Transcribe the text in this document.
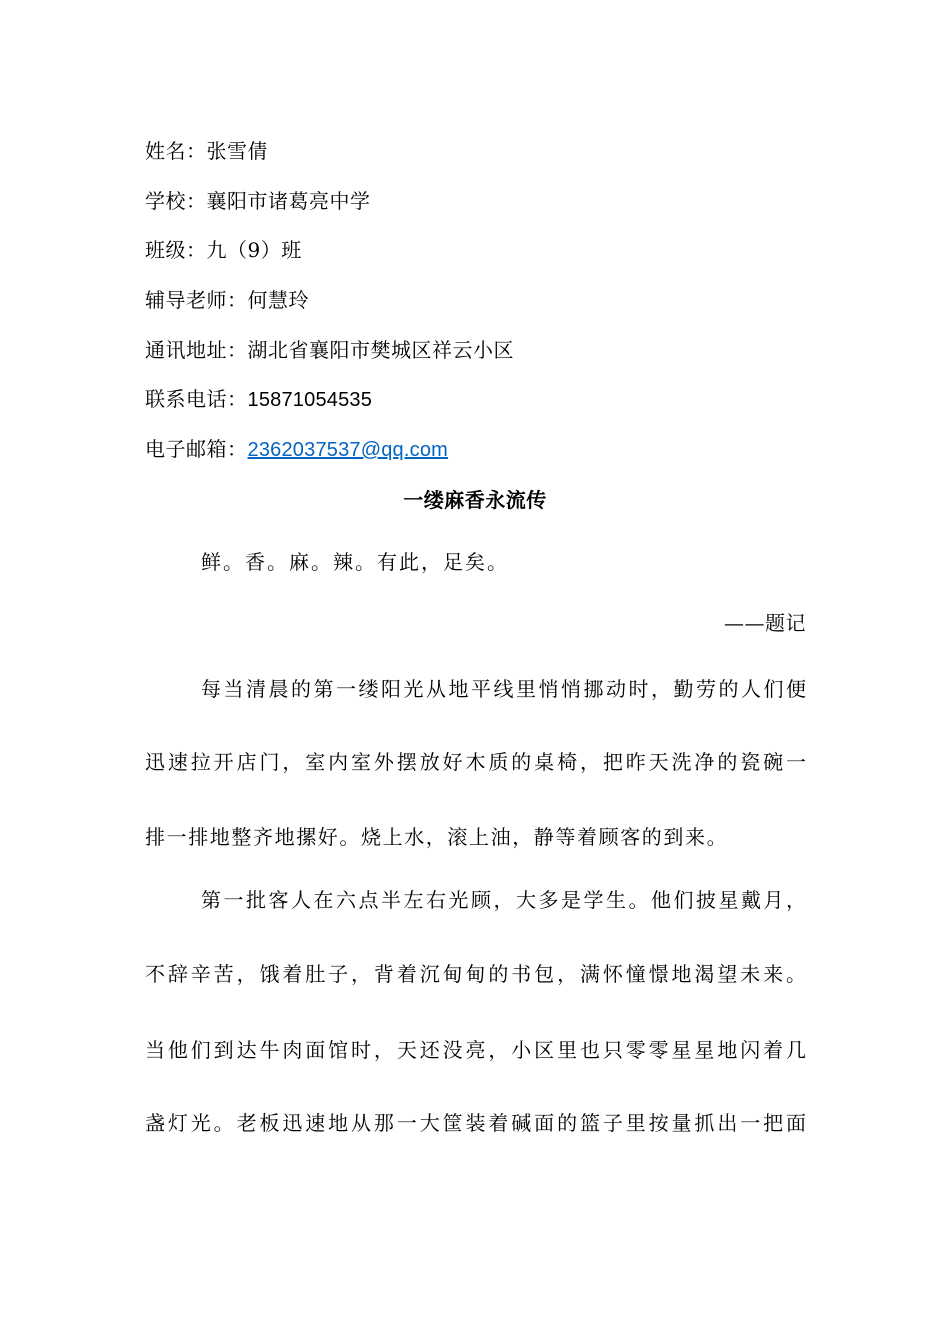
姓名：张雪倩
学校：襄阳市诸葛亮中学
班级：九（9）班
辅导老师：何慧玲
通讯地址：湖北省襄阳市樊城区祥云小区
联系电话：15871054535
电子邮箱：2362037537@qq.com
一缕麻香永流传
鲜。香。麻。辣。有此，足矣。
——题记
每当清晨的第一缕阳光从地平线里悄悄挪动时，勤劳的人们便
迅速拉开店门，室内室外摆放好木质的桌椅，把昨天洗净的瓷碗一
排一排地整齐地摞好。烧上水，滚上油，静等着顾客的到来。
第一批客人在六点半左右光顾，大多是学生。他们披星戴月，
不辞辛苦，饿着肚子，背着沉甸甸的书包，满怀憧憬地渴望未来。
当他们到达牛肉面馆时，天还没亮，小区里也只零零星星地闪着几
盏灯光。老板迅速地从那一大筐装着碱面的篮子里按量抓出一把面
